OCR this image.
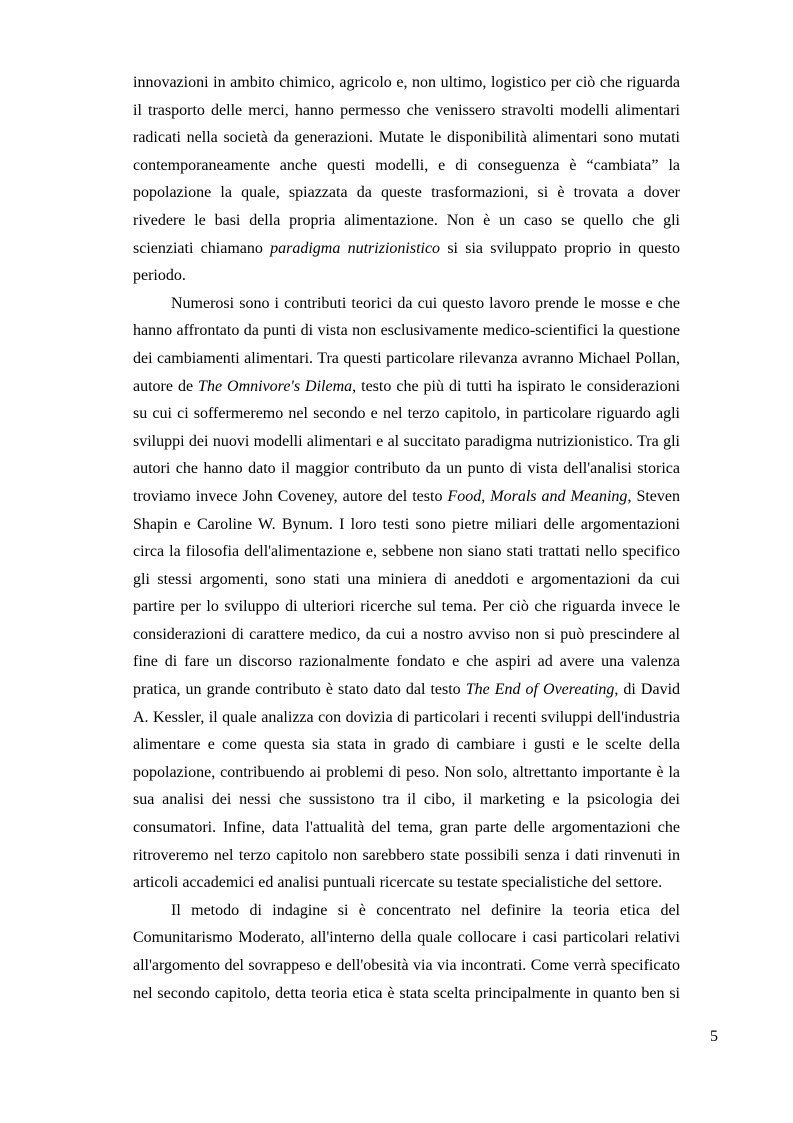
innovazioni in ambito chimico, agricolo e, non ultimo, logistico per ciò che riguarda
il trasporto delle merci, hanno permesso che venissero stravolti modelli alimentari
radicati nella società da generazioni. Mutate le disponibilità alimentari sono mutati
contemporaneamente anche questi modelli, e di conseguenza è “cambiata” la
popolazione la quale, spiazzata da queste trasformazioni, si è trovata a dover
rivedere le basi della propria alimentazione. Non è un caso se quello che gli
scienziati chiamano paradigma nutrizionistico si sia sviluppato proprio in questo
periodo.
Numerosi sono i contributi teorici da cui questo lavoro prende le mosse e che
hanno affrontato da punti di vista non esclusivamente medico-scientifici la questione
dei cambiamenti alimentari. Tra questi particolare rilevanza avranno Michael Pollan,
autore de The Omnivore's Dilema, testo che più di tutti ha ispirato le considerazioni
su cui ci soffermeremo nel secondo e nel terzo capitolo, in particolare riguardo agli
sviluppi dei nuovi modelli alimentari e al succitato paradigma nutrizionistico. Tra gli
autori che hanno dato il maggior contributo da un punto di vista dell'analisi storica
troviamo invece John Coveney, autore del testo Food, Morals and Meaning, Steven
Shapin e Caroline W. Bynum. I loro testi sono pietre miliari delle argomentazioni
circa la filosofia dell'alimentazione e, sebbene non siano stati trattati nello specifico
gli stessi argomenti, sono stati una miniera di aneddoti e argomentazioni da cui
partire per lo sviluppo di ulteriori ricerche sul tema. Per ciò che riguarda invece le
considerazioni di carattere medico, da cui a nostro avviso non si può prescindere al
fine di fare un discorso razionalmente fondato e che aspiri ad avere una valenza
pratica, un grande contributo è stato dato dal testo The End of Overeating, di David
A. Kessler, il quale analizza con dovizia di particolari i recenti sviluppi dell'industria
alimentare e come questa sia stata in grado di cambiare i gusti e le scelte della
popolazione, contribuendo ai problemi di peso. Non solo, altrettanto importante è la
sua analisi dei nessi che sussistono tra il cibo, il marketing e la psicologia dei
consumatori. Infine, data l'attualità del tema, gran parte delle argomentazioni che
ritroveremo nel terzo capitolo non sarebbero state possibili senza i dati rinvenuti in
articoli accademici ed analisi puntuali ricercate su testate specialistiche del settore.
Il metodo di indagine si è concentrato nel definire la teoria etica del
Comunitarismo Moderato, all'interno della quale collocare i casi particolari relativi
all'argomento del sovrappeso e dell'obesità via via incontrati. Come verrà specificato
nel secondo capitolo, detta teoria etica è stata scelta principalmente in quanto ben si
5
